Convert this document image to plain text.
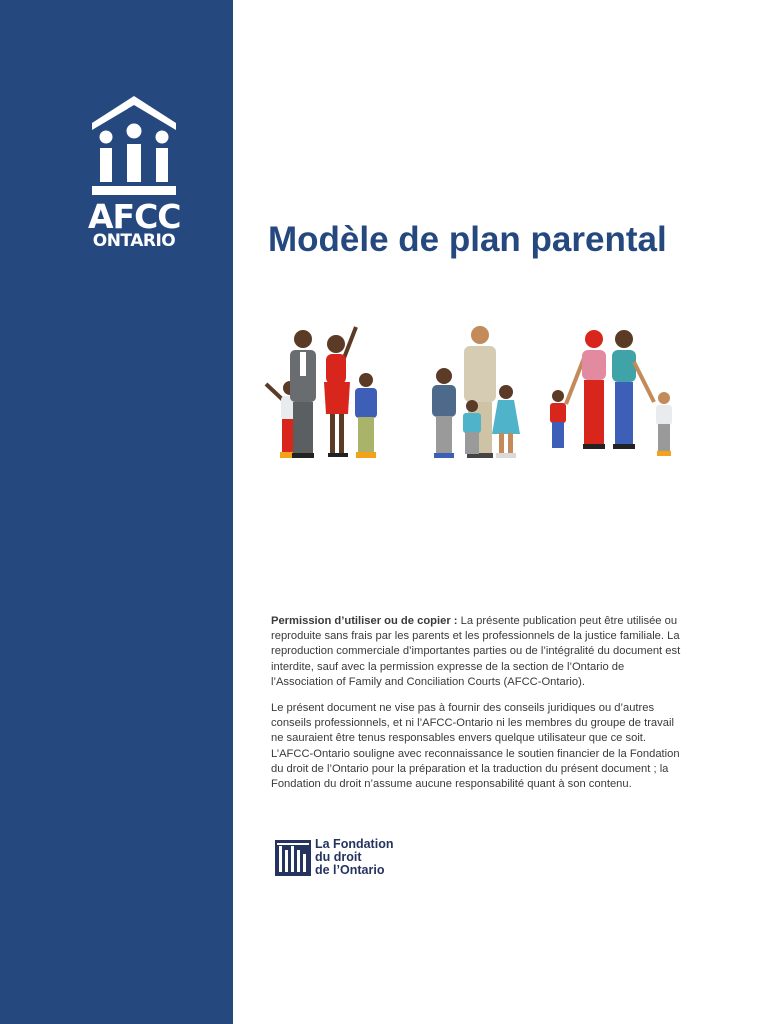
AFCC
ONTARIO	Modèle de plan parental

Permission d’utiliser ou de copier : La présente publication peut être utilisée ou reproduite sans frais par les parents et les professionnels de la justice familiale. La reproduction commerciale d’importantes parties ou de l’intégralité du document est interdite, sauf avec la permission expresse de la section de l’Ontario de l’Association of Family and Conciliation Courts (AFCC-Ontario).

Le présent document ne vise pas à fournir des conseils juridiques ou d’autres conseils professionnels, et ni l’AFCC-Ontario ni les membres du groupe de travail ne sauraient être tenus responsables envers quelque utilisateur que ce soit. L’AFCC-Ontario souligne avec reconnaissance le soutien financier de la Fondation du droit de l’Ontario pour la préparation et la traduction du présent document ; la Fondation du droit n’assume aucune responsabilité quant à son contenu.

La Fondation
du droit
de l’Ontario
